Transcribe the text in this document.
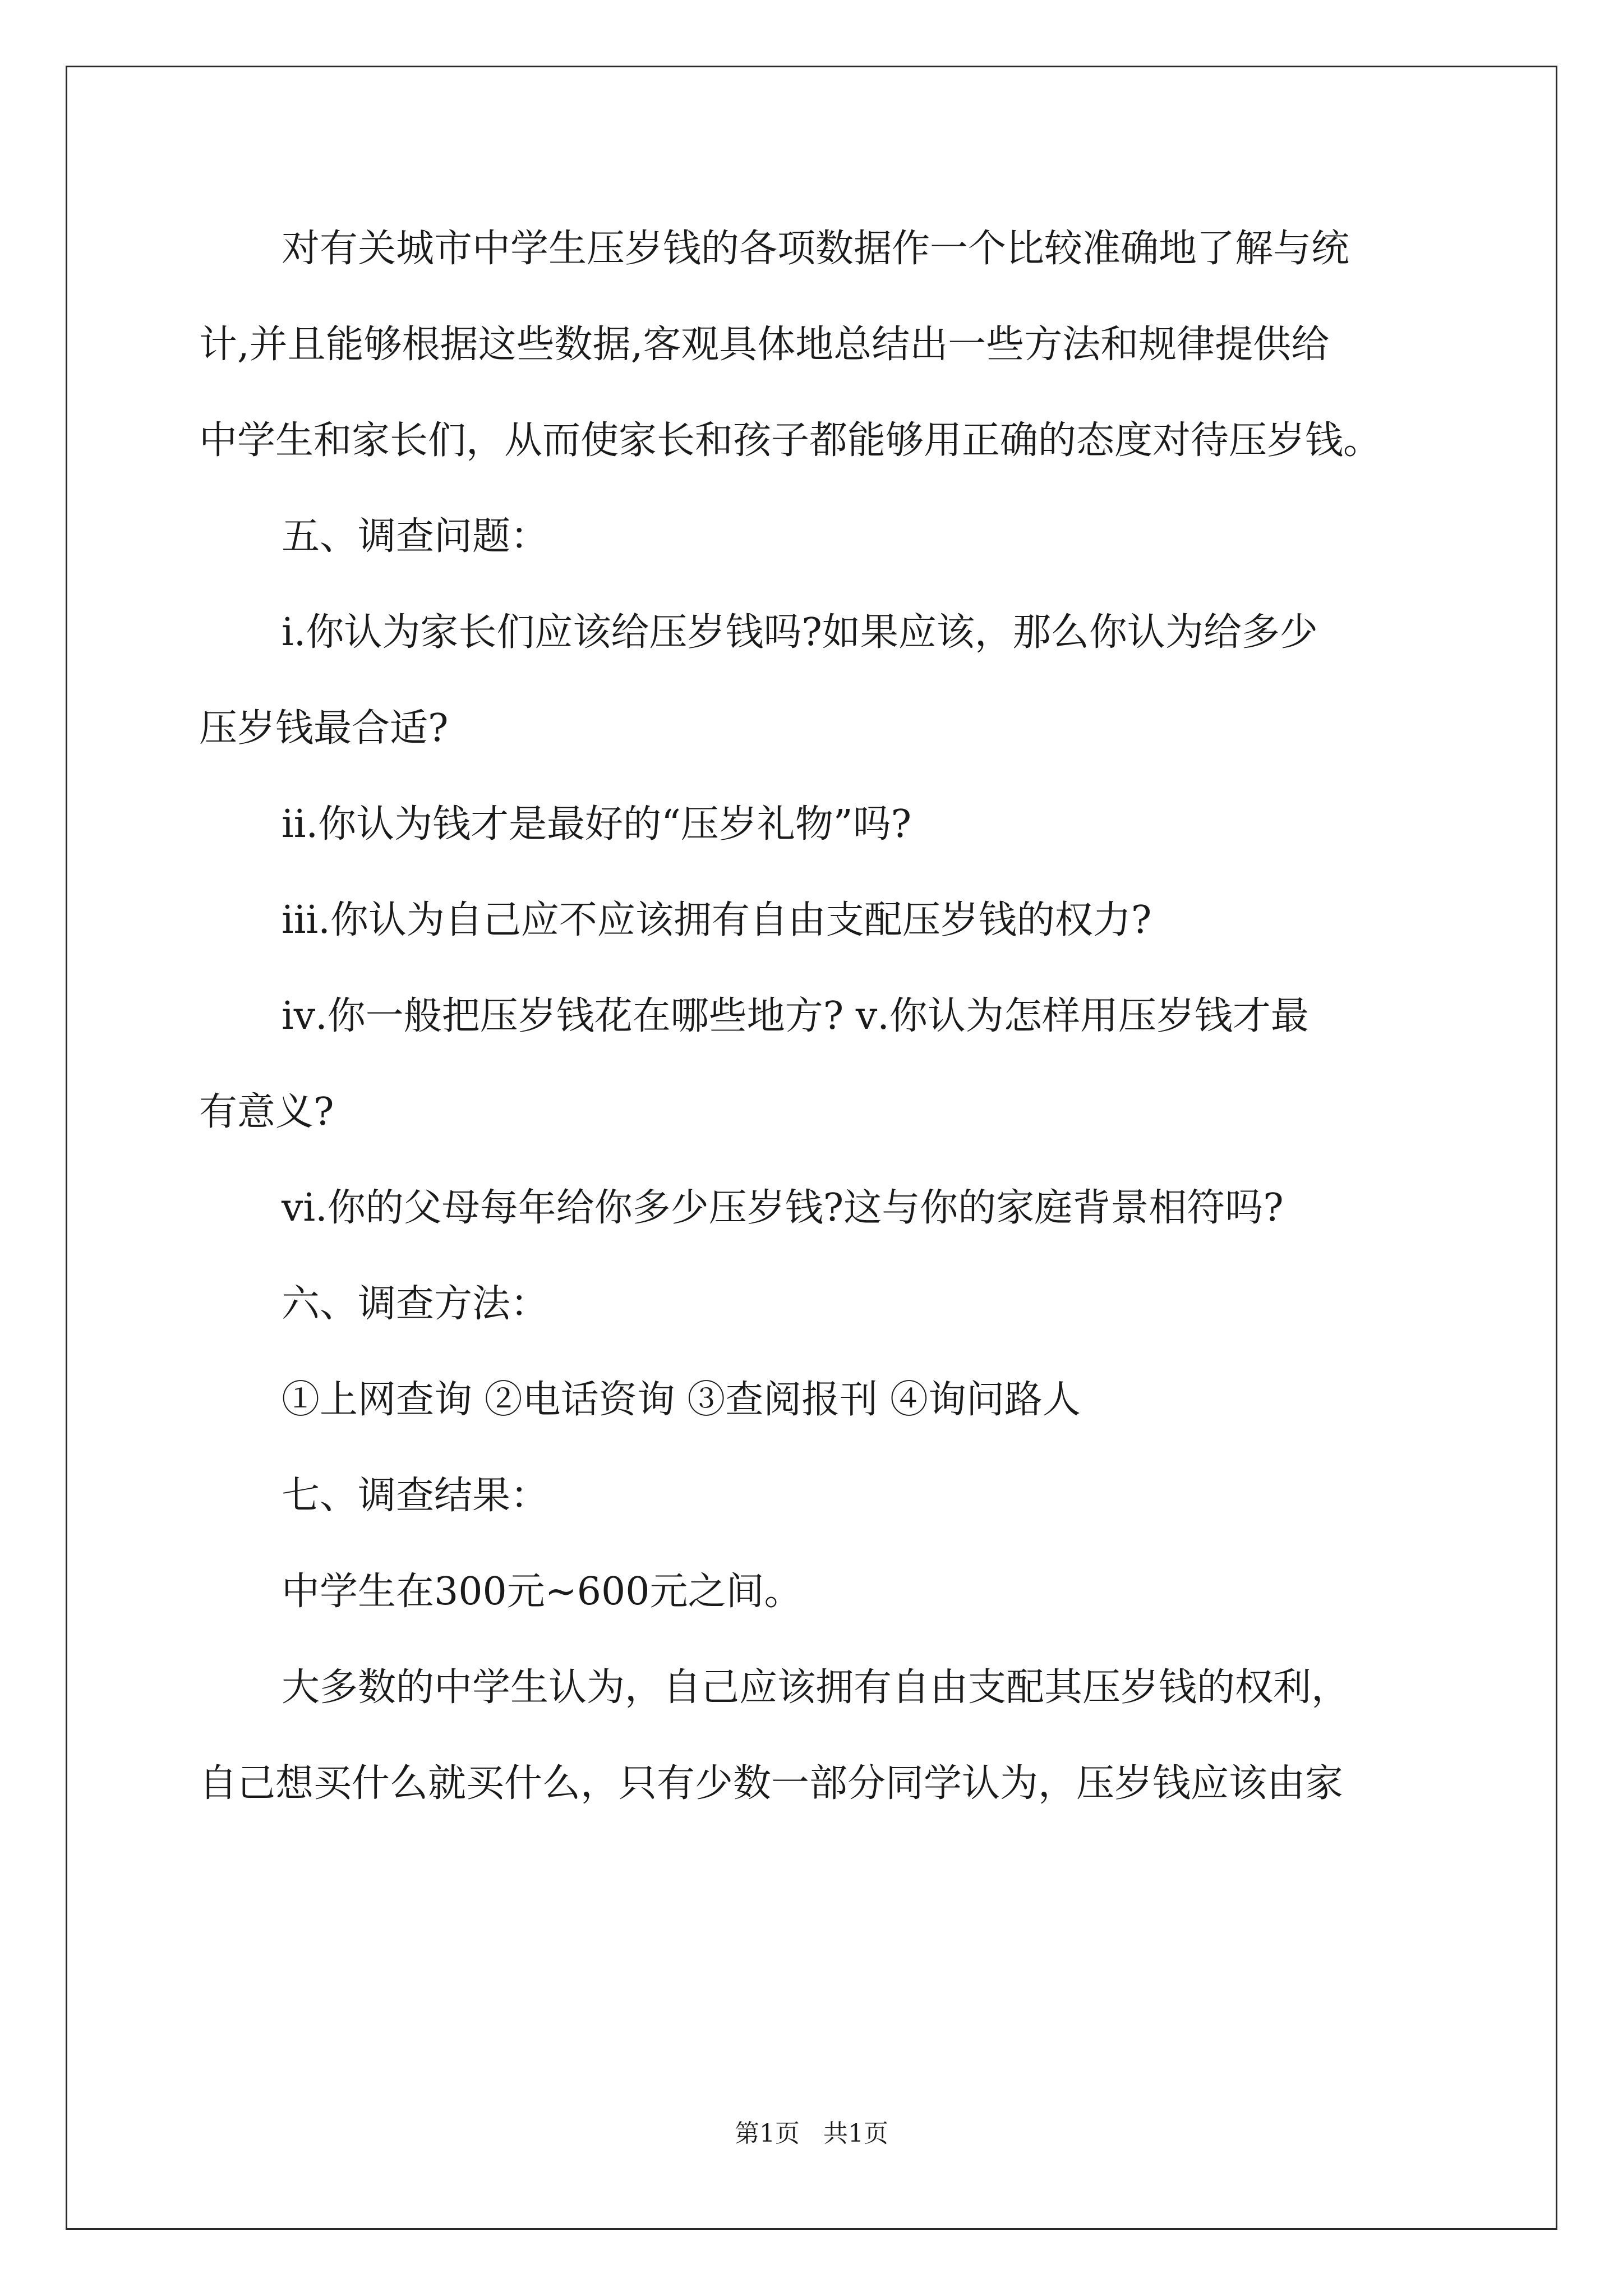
对有关城市中学生压岁钱的各项数据作一个比较准确地了解与统
计,并且能够根据这些数据,客观具体地总结出一些方法和规律提供给
中学生和家长们，从而使家长和孩子都能够用正确的态度对待压岁钱。
五、调查问题：
ⅰ.你认为家长们应该给压岁钱吗?如果应该，那么你认为给多少
压岁钱最合适?
ⅱ.你认为钱才是最好的“压岁礼物”吗?
ⅲ.你认为自己应不应该拥有自由支配压岁钱的权力?
ⅳ.你一般把压岁钱花在哪些地方? ⅴ.你认为怎样用压岁钱才最
有意义?
ⅵ.你的父母每年给你多少压岁钱?这与你的家庭背景相符吗?
六、调查方法：
①上网查询 ②电话资询 ③查阅报刊 ④询问路人
七、调查结果：
中学生在300元~600元之间。
大多数的中学生认为，自己应该拥有自由支配其压岁钱的权利，
自己想买什么就买什么，只有少数一部分同学认为，压岁钱应该由家
第1页   共1页
